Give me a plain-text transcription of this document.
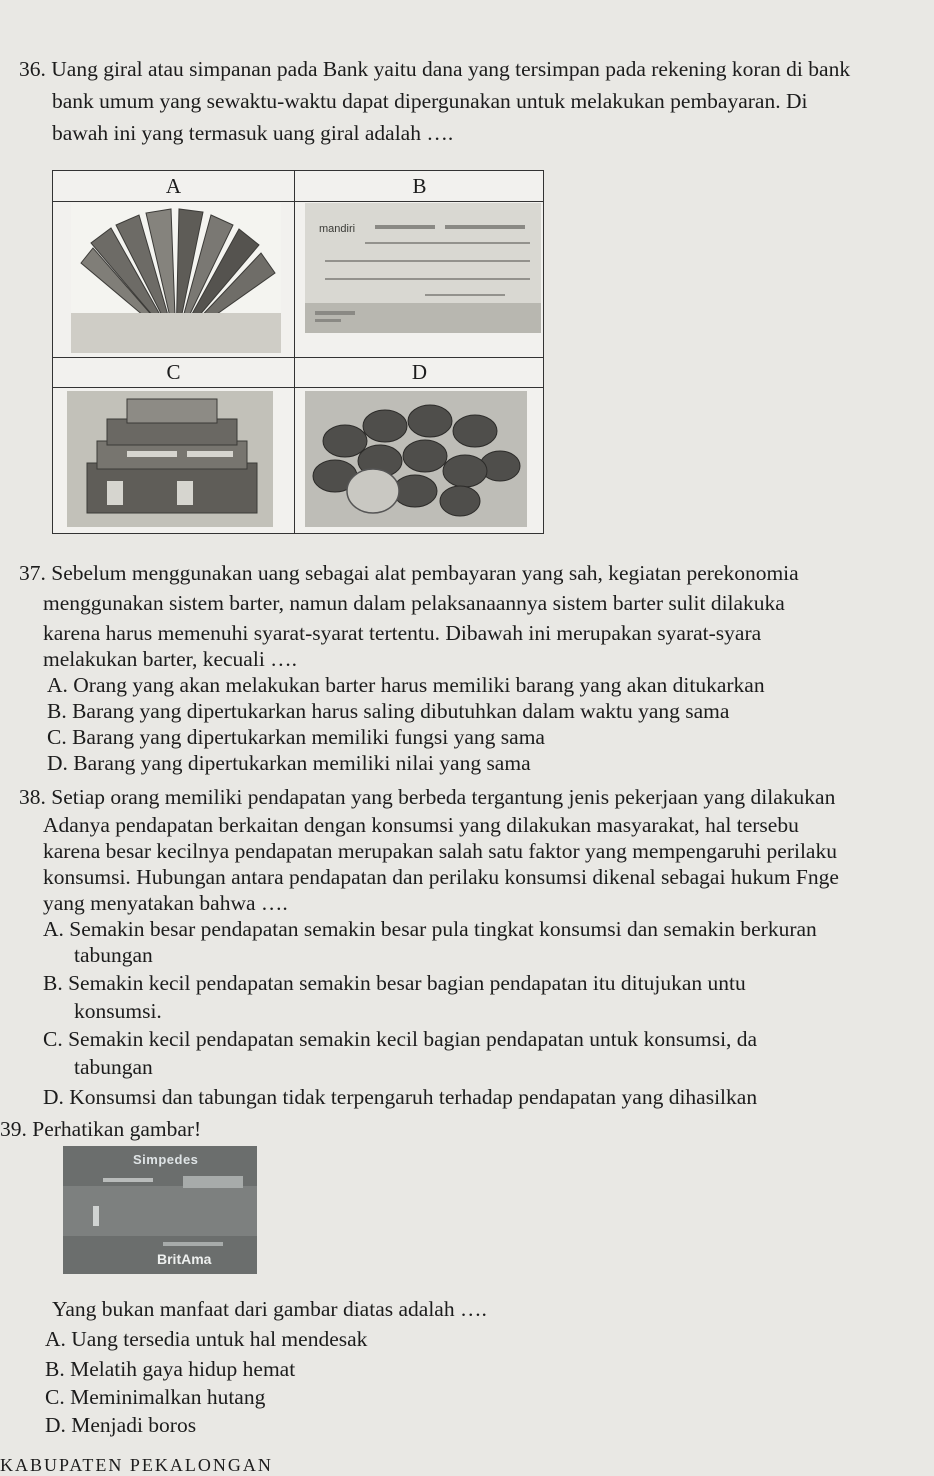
36. Uang giral atau simpanan pada Bank yaitu dana yang tersimpan pada rekening koran di bank
bank umum yang sewaktu-waktu dapat dipergunakan untuk melakukan pembayaran. Di
bawah ini yang termasuk uang giral adalah ….
A	B
C	D
mandiri
37. Sebelum menggunakan uang sebagai alat pembayaran yang sah, kegiatan perekonomia
menggunakan sistem barter, namun dalam pelaksanaannya sistem barter sulit dilakuka
karena harus memenuhi syarat-syarat tertentu. Dibawah ini merupakan syarat-syara
melakukan barter, kecuali ….
A. Orang yang akan melakukan barter harus memiliki barang yang akan ditukarkan
B. Barang yang dipertukarkan harus saling dibutuhkan dalam waktu yang sama
C. Barang yang dipertukarkan memiliki fungsi yang sama
D. Barang yang dipertukarkan memiliki nilai yang sama
38. Setiap orang memiliki pendapatan yang berbeda tergantung jenis pekerjaan yang dilakukan
Adanya pendapatan berkaitan dengan konsumsi yang dilakukan masyarakat, hal tersebu
karena besar kecilnya pendapatan merupakan salah satu faktor yang mempengaruhi perilaku
konsumsi. Hubungan antara pendapatan dan perilaku konsumsi dikenal sebagai hukum Fnge
yang menyatakan bahwa ….
A. Semakin besar pendapatan semakin besar pula tingkat konsumsi dan semakin berkuran
tabungan
B. Semakin kecil pendapatan semakin besar bagian pendapatan itu ditujukan untu
konsumsi.
C. Semakin kecil pendapatan semakin kecil bagian pendapatan untuk konsumsi, da
tabungan
D. Konsumsi dan tabungan tidak terpengaruh terhadap pendapatan yang dihasilkan
39. Perhatikan gambar!
Simpedes
BritAma
Yang bukan manfaat dari gambar diatas adalah ….
A. Uang tersedia untuk hal mendesak
B. Melatih gaya hidup hemat
C. Meminimalkan hutang
D. Menjadi boros
KABUPATEN PEKALONGAN
